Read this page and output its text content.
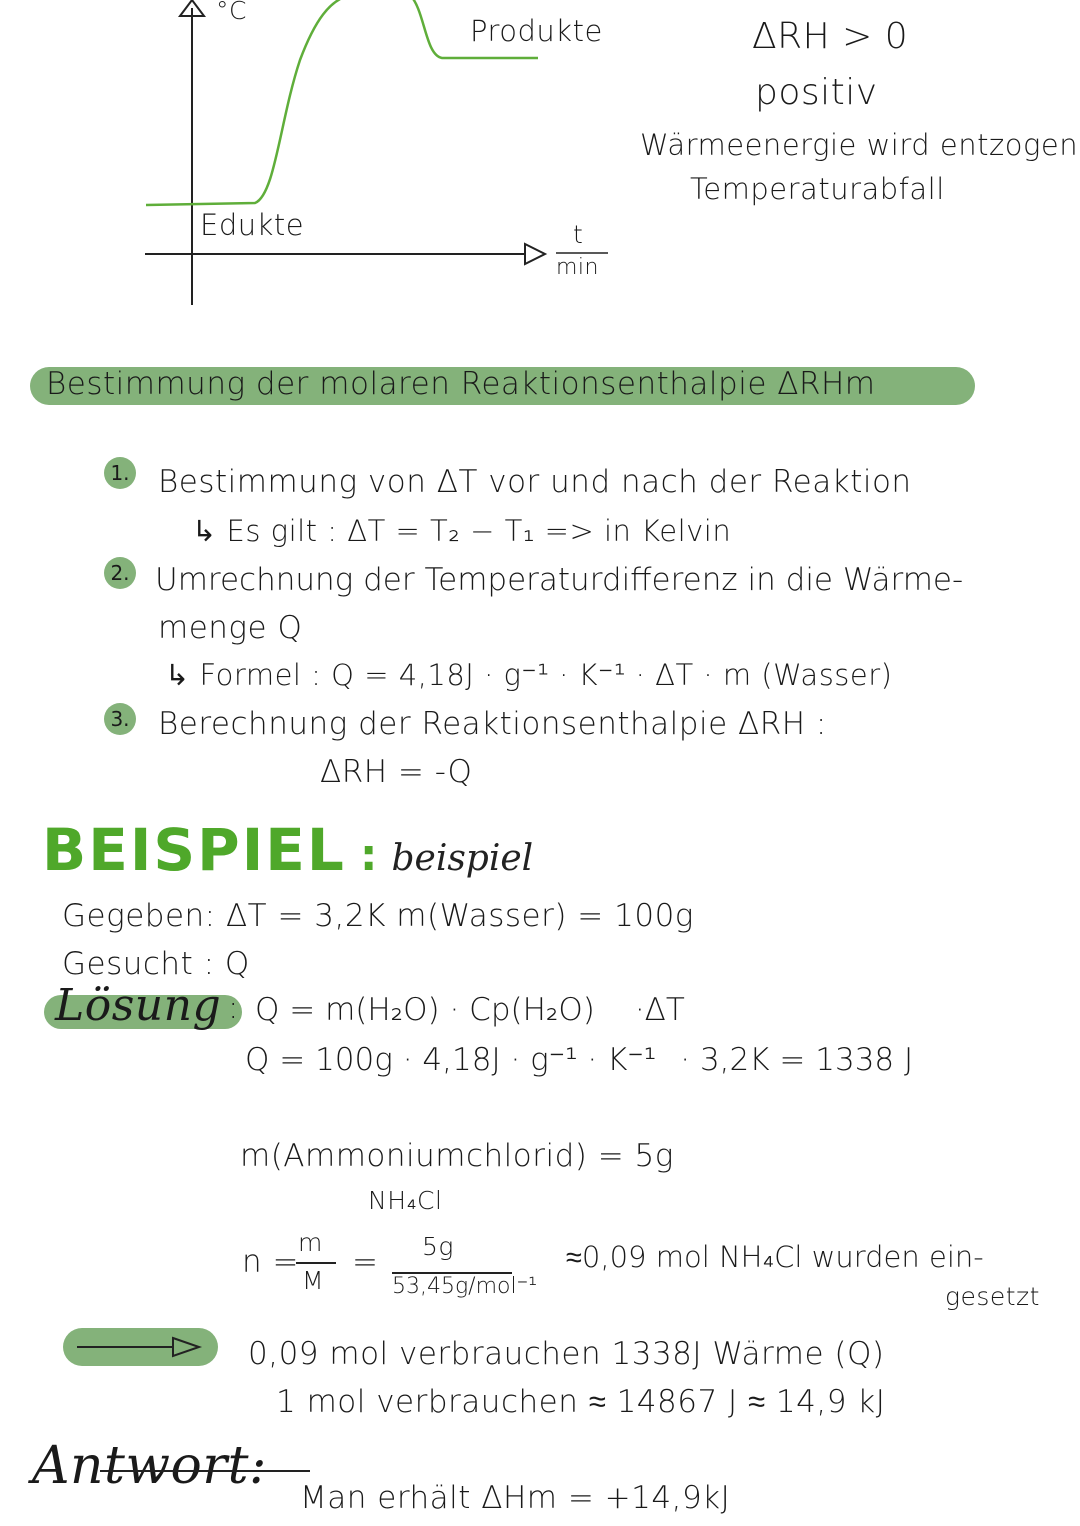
°C
t
min
Produkte
Edukte
ΔRH > 0
positiv
Wärmeenergie wird entzogen
Temperaturabfall
Bestimmung der molaren Reaktionsenthalpie ΔRHm
1. Bestimmung von ΔT vor und nach der Reaktion
↳ Es gilt : ΔT = T₂ − T₁ => in Kelvin
2. Umrechnung der Temperaturdifferenz in die Wärme-
menge Q
↳ Formel : Q = 4,18J · g⁻¹ · K⁻¹ · ΔT · m (Wasser)
3. Berechnung der Reaktionsenthalpie ΔRH :
ΔRH = -Q
BEISPIEL : beispiel
Gegeben: ΔT = 3,2K m(Wasser) = 100g
Gesucht : Q
Lösung : Q = m(H₂O) · Cp(H₂O) ·ΔT
Q = 100g · 4,18J · g⁻¹ · K⁻¹ · 3,2K = 1338 J
m(Ammoniumchlorid) = 5g
NH₄Cl
n =
m
M
= 5g
53,45g/mol⁻¹
≈0,09 mol NH₄Cl wurden ein-
gesetzt
0,09 mol verbrauchen 1338J Wärme (Q)
1 mol verbrauchen ≈ 14867 J ≈ 14,9 kJ
Antwort:
Man erhält ΔHm = +14,9kJ
